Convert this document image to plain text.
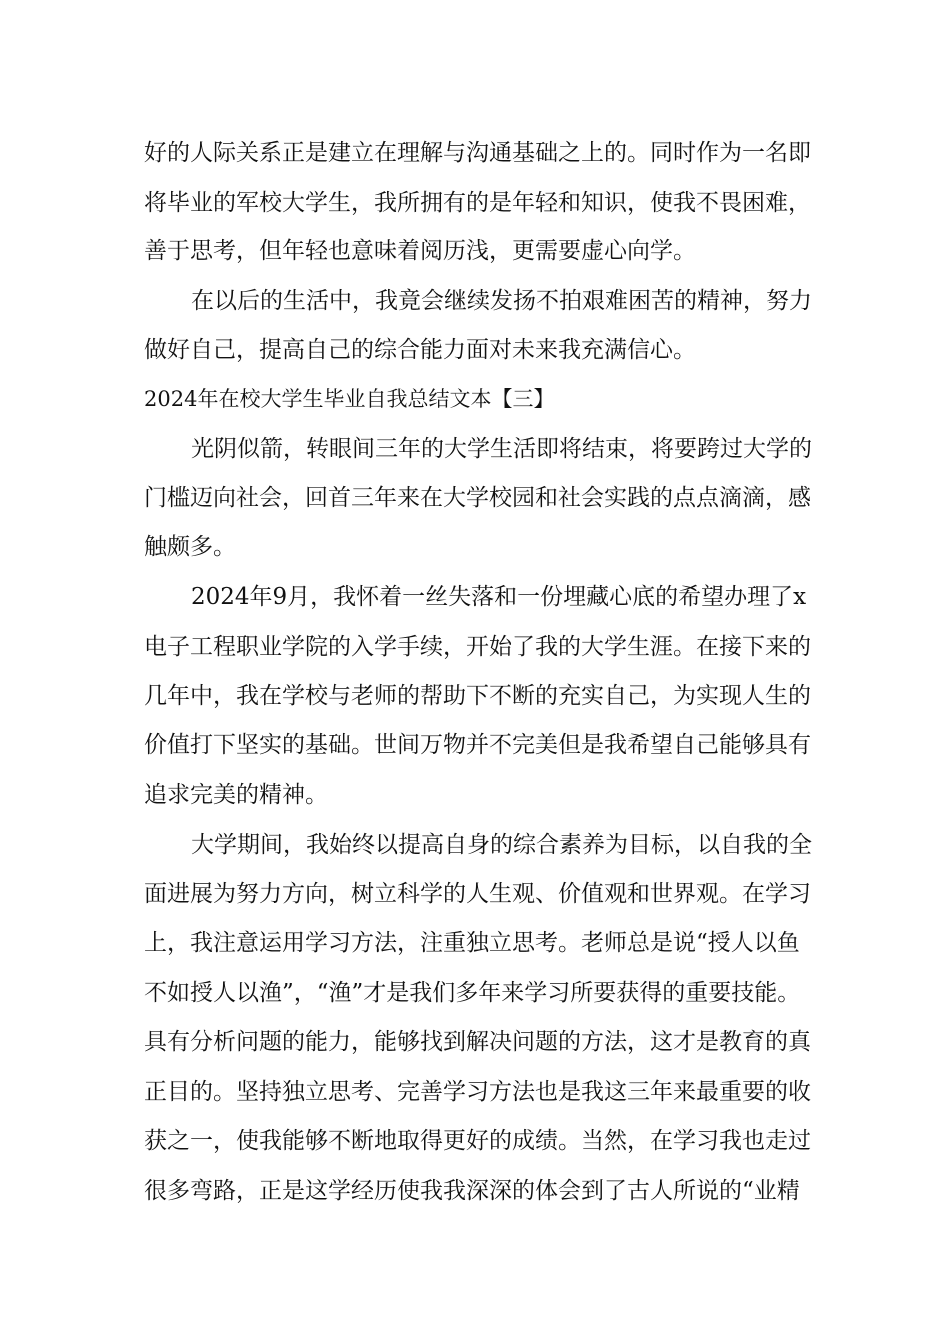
好的人际关系正是建立在理解与沟通基础之上的。同时作为一名即
将毕业的军校大学生，我所拥有的是年轻和知识，使我不畏困难，
善于思考，但年轻也意味着阅历浅，更需要虚心向学。
在以后的生活中，我竟会继续发扬不拍艰难困苦的精神，努力
做好自己，提高自己的综合能力面对未来我充满信心。
2024年在校大学生毕业自我总结文本【三】
光阴似箭，转眼间三年的大学生活即将结束，将要跨过大学的
门槛迈向社会，回首三年来在大学校园和社会实践的点点滴滴，感
触颇多。
2024年9月，我怀着一丝失落和一份埋藏心底的希望办理了x
电子工程职业学院的入学手续，开始了我的大学生涯。在接下来的
几年中，我在学校与老师的帮助下不断的充实自己，为实现人生的
价值打下坚实的基础。世间万物并不完美但是我希望自己能够具有
追求完美的精神。
大学期间，我始终以提高自身的综合素养为目标，以自我的全
面进展为努力方向，树立科学的人生观、价值观和世界观。在学习
上，我注意运用学习方法，注重独立思考。老师总是说“授人以鱼
不如授人以渔”，“渔”才是我们多年来学习所要获得的重要技能。
具有分析问题的能力，能够找到解决问题的方法，这才是教育的真
正目的。坚持独立思考、完善学习方法也是我这三年来最重要的收
获之一，使我能够不断地取得更好的成绩。当然，在学习我也走过
很多弯路，正是这学经历使我我深深的体会到了古人所说的“业精
